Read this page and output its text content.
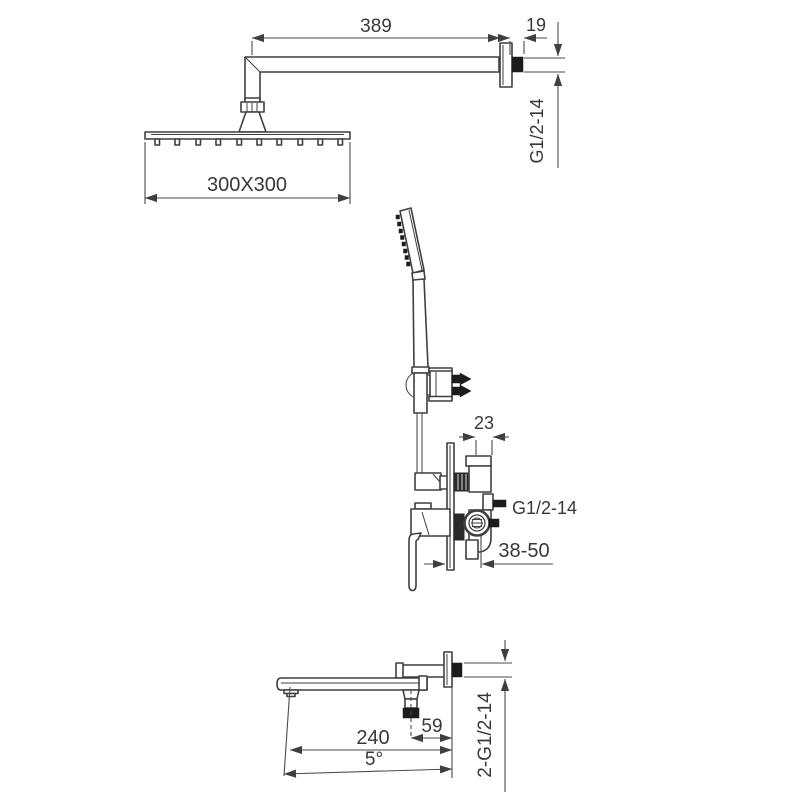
389	19
G1/2-14
300X300
23
G1/2-14
38-50
59
240
5°	2-G1/2-14
